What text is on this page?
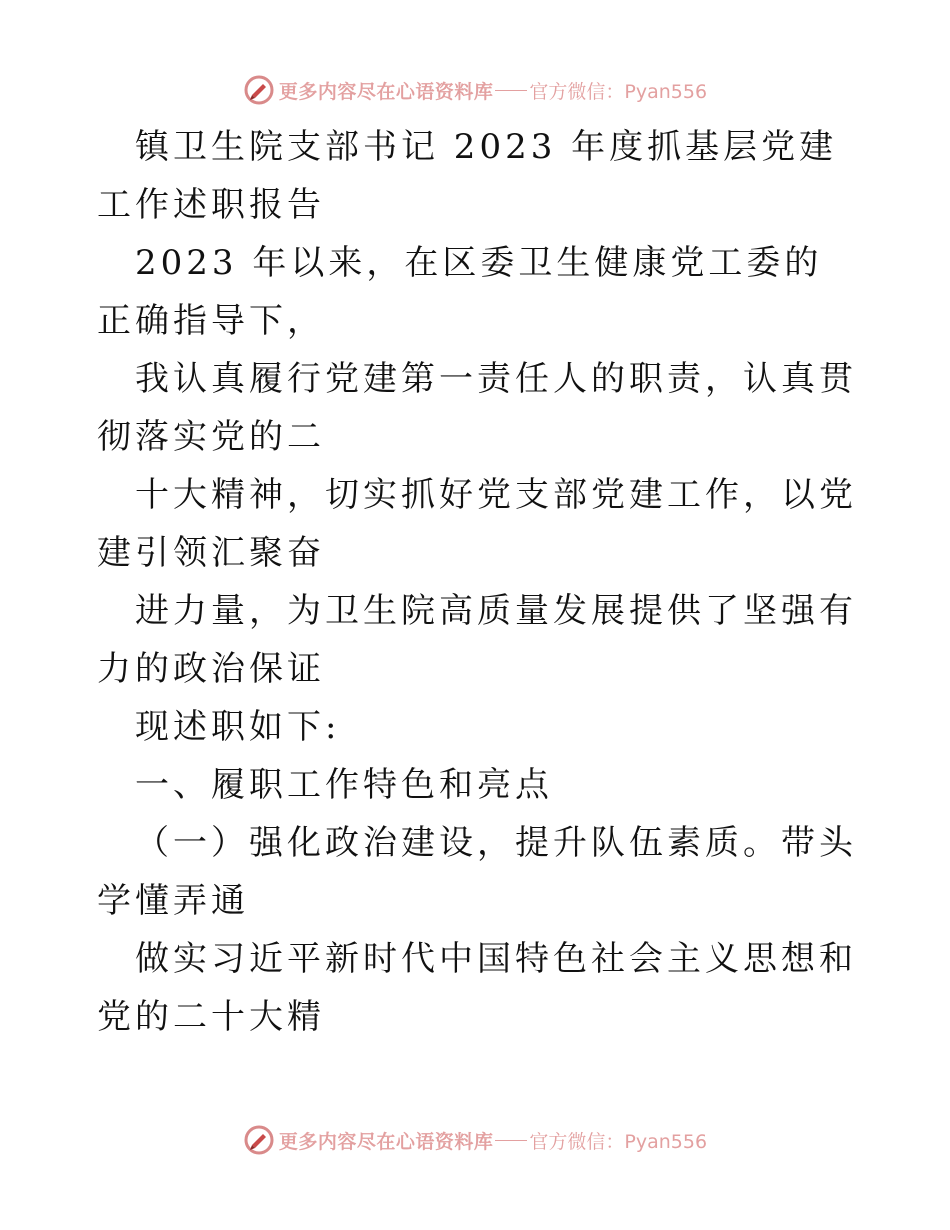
更多内容尽在心语资料库 官方微信：Pyan556

镇卫生院支部书记 2023 年度抓基层党建工作述职报告

2023 年以来，在区委卫生健康党工委的正确指导下，

我认真履行党建第一责任人的职责，认真贯彻落实党的二

十大精神，切实抓好党支部党建工作，以党建引领汇聚奋

进力量，为卫生院高质量发展提供了坚强有力的政治保证

现述职如下:

一、履职工作特色和亮点

（一）强化政治建设，提升队伍素质。带头学懂弄通

做实习近平新时代中国特色社会主义思想和党的二十大精

更多内容尽在心语资料库 官方微信：Pyan556
